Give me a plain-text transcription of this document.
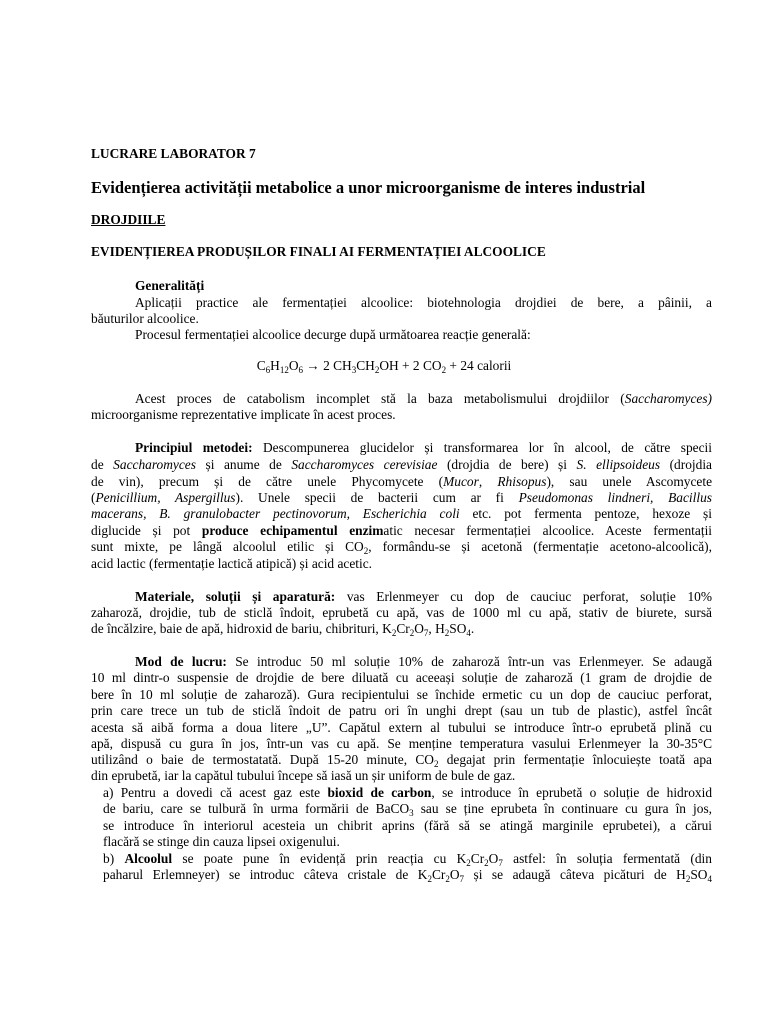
LUCRARE LABORATOR 7
Evidențierea activității metabolice a unor microorganisme de interes industrial
DROJDIILE
EVIDENȚIEREA PRODUȘILOR FINALI AI FERMENTAȚIEI ALCOOLICE
Generalități
Aplicații practice ale fermentației alcoolice: biotehnologia drojdiei de bere, a pâinii, a
băuturilor alcoolice.
Procesul fermentației alcoolice decurge după următoarea reacție generală:
$C_6H_{12}O_6 \to 2$ $CH_3CH_2OH + 2$ $CO_2 + 24$ calorii
Acest proces de catabolism incomplet stă la baza metabolismului drojdiilor (Saccharomyces)
microorganisme reprezentative implicate în acest proces.
Principiul metodei: Descompunerea glucidelor și transformarea lor în alcool, de către specii
de Saccharomyces și anume de Saccharomyces cerevisiae (drojdia de bere) și S. ellipsoideus (drojdia
de vin), precum și de către unele Phycomycete (Mucor, Rhisopus), sau unele Ascomycete
(Penicillium, Aspergillus). Unele specii de bacterii cum ar fi Pseudomonas lindneri, Bacillus
macerans, B. granulobacter pectinovorum, Escherichia coli etc. pot fermenta pentoze, hexoze și
diglucide și pot produce echipamentul enzimatic necesar fermentației alcoolice. Aceste fermentații
sunt mixte, pe lângă alcoolul etilic și $CO_2$, formându-se și acetonă (fermentație acetono-alcoolică),
acid lactic (fermentație lactică atipică) și acid acetic.
Materiale, soluții și aparatură: vas Erlenmeyer cu dop de cauciuc perforat, soluție 10%
zaharoză, drojdie, tub de sticlă îndoit, eprubetă cu apă, vas de 1000 ml cu apă, stativ de biurete, sursă
de încălzire, baie de apă, hidroxid de bariu, chibrituri, $K_2Cr_2O_7$, $H_2SO_4$.
Mod de lucru: Se introduc 50 ml soluție 10% de zaharoză într-un vas Erlenmeyer. Se adaugă
10 ml dintr-o suspensie de drojdie de bere diluată cu aceeași soluție de zaharoză (1 gram de drojdie de
bere în 10 ml soluție de zaharoză). Gura recipientului se închide ermetic cu un dop de cauciuc perforat,
prin care trece un tub de sticlă îndoit de patru ori în unghi drept (sau un tub de plastic), astfel încât
acesta să aibă forma a doua litere „U”. Capătul extern al tubului se introduce într-o eprubetă plină cu
apă, dispusă cu gura în jos, într-un vas cu apă. Se menține temperatura vasului Erlenmeyer la 30-35°C
utilizând o baie de termostatată. După 15-20 minute, $CO_2$ degajat prin fermentație înlocuiește toată apa
din eprubetă, iar la capătul tubului începe să iasă un șir uniform de bule de gaz.
a) Pentru a dovedi că acest gaz este bioxid de carbon, se introduce în eprubetă o soluție de hidroxid
de bariu, care se tulbură în urma formării de BaCO$_3$ sau se ține eprubeta în continuare cu gura în jos,
se introduce în interiorul acesteia un chibrit aprins (fără să se atingă marginile eprubetei), a cărui
flacără se stinge din cauza lipsei oxigenului.
b) Alcoolul se poate pune în evidență prin reacția cu $K_2Cr_2O_7$ astfel: în soluția fermentată (din
paharul Erlemneyer) se introduc câteva cristale de $K_2Cr_2O_7$ și se adaugă câteva picături de $H_2SO_4$
